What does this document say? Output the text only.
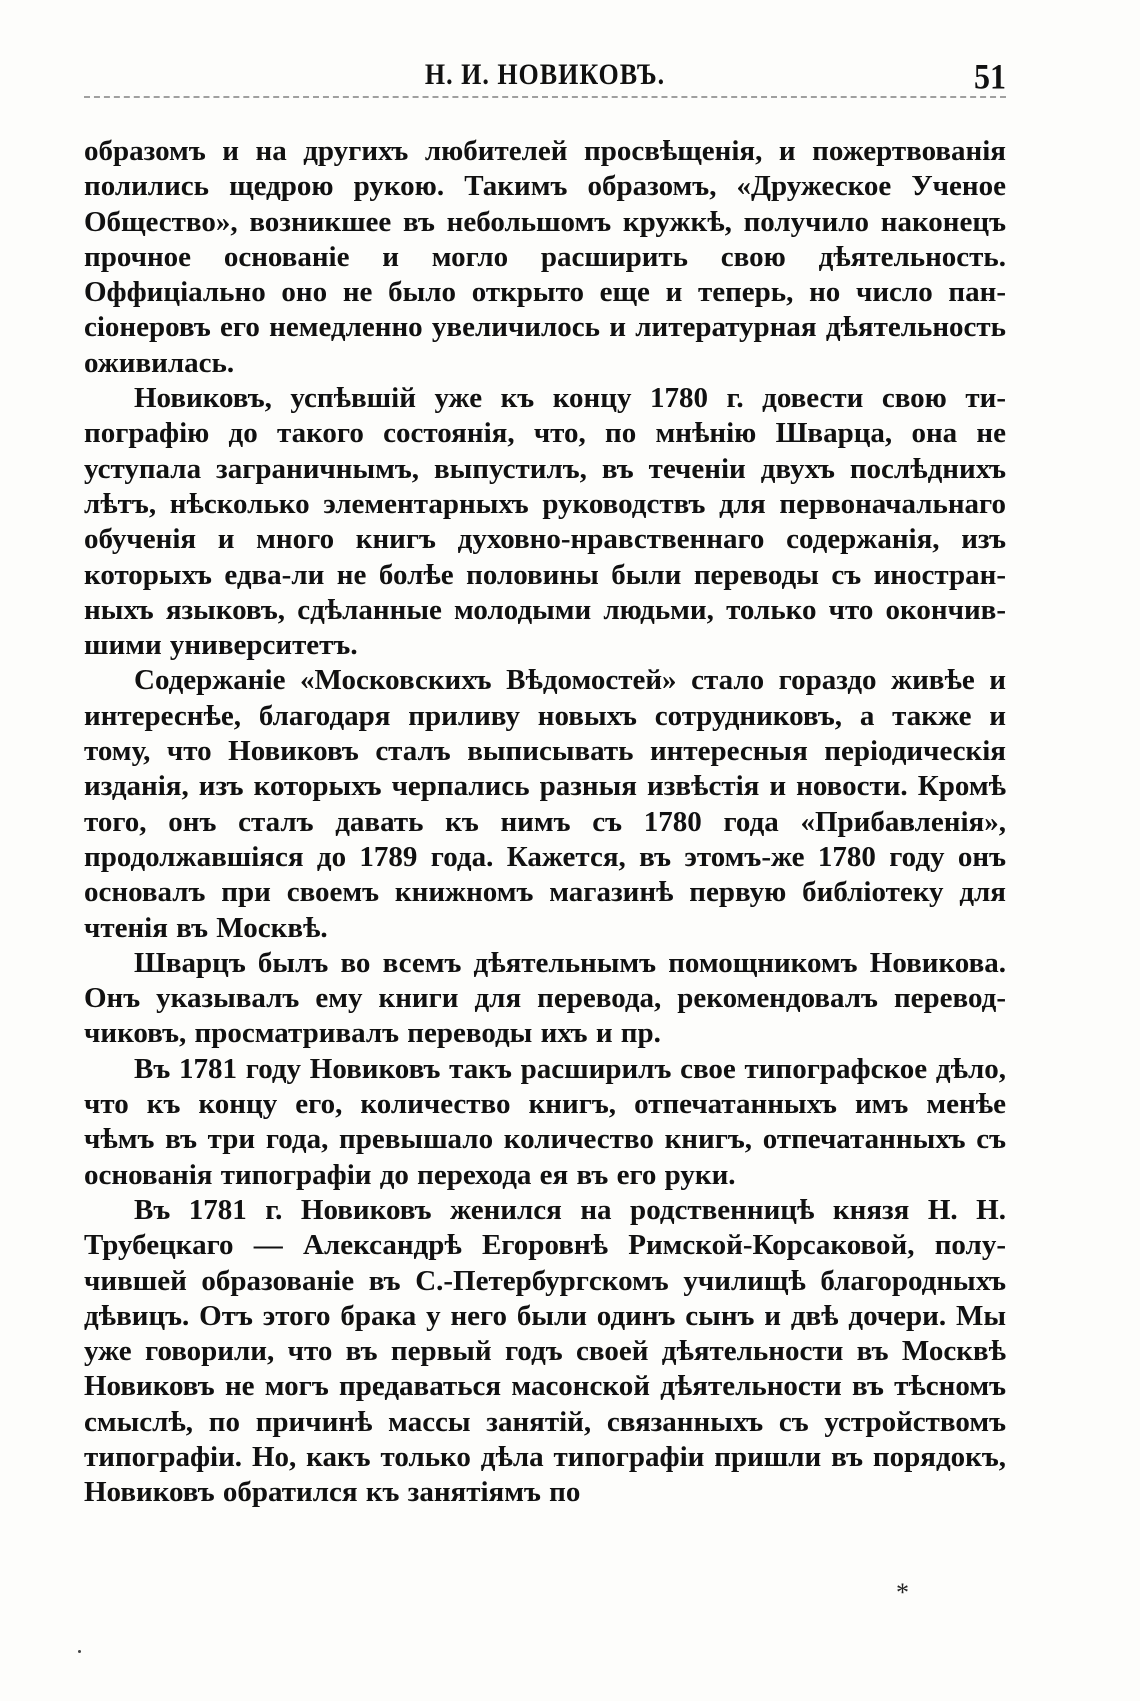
Н. И. НОВИКОВЪ.	51

образомъ и на другихъ любителей просвѣщенія, и пожертвованія полились щедрою рукою. Такимъ образомъ, «Дружеское Ученое Общество», возникшее въ небольшомъ кружкѣ, получило наконецъ прочное основаніе и могло расширить свою дѣятельность. Оффиціально оно не было открыто еще и теперь, но число пансіонеровъ его немедленно увеличилось и литературная дѣятельность оживилась.

Новиковъ, успѣвшій уже къ концу 1780 г. довести свою типографію до такого состоянія, что, по мнѣнію Шварца, она не уступала заграничнымъ, выпустилъ, въ теченіи двухъ послѣднихъ лѣтъ, нѣсколько элементарныхъ руководствъ для первоначальнаго обученія и много книгъ духовно-нравственнаго содержанія, изъ которыхъ едва-ли не болѣе половины были переводы съ иностранныхъ языковъ, сдѣланные молодыми людьми, только что окончившими университетъ.

Содержаніе «Московскихъ Вѣдомостей» стало гораздо живѣе и интереснѣе, благодаря приливу новыхъ сотрудниковъ, а также и тому, что Новиковъ сталъ выписывать интересныя періодическія изданія, изъ которыхъ черпались разныя извѣстія и новости. Кромѣ того, онъ сталъ давать къ нимъ съ 1780 года «Прибавленія», продолжавшіяся до 1789 года. Кажется, въ этомъ-же 1780 году онъ основалъ при своемъ книжномъ магазинѣ первую библіотеку для чтенія въ Москвѣ.

Шварцъ былъ во всемъ дѣятельнымъ помощникомъ Новикова. Онъ указывалъ ему книги для перевода, рекомендовалъ переводчиковъ, просматривалъ переводы ихъ и пр.

Въ 1781 году Новиковъ такъ расширилъ свое типографское дѣло, что къ концу его, количество книгъ, отпечатанныхъ имъ менѣе чѣмъ въ три года, превышало количество книгъ, отпечатанныхъ съ основанія типографіи до перехода ея въ его руки.

Въ 1781 г. Новиковъ женился на родственницѣ князя Н. Н. Трубецкаго — Александрѣ Егоровнѣ Римской-Корсаковой, получившей образованіе въ С.-Петербургскомъ училищѣ благородныхъ дѣвицъ. Отъ этого брака у него были одинъ сынъ и двѣ дочери. Мы уже говорили, что въ первый годъ своей дѣятельности въ Москвѣ Новиковъ не могъ предаваться масонской дѣятельности въ тѣсномъ смыслѣ, по причинѣ массы занятій, связанныхъ съ устройствомъ типографіи. Но, какъ только дѣла типографіи пришли въ порядокъ, Новиковъ обратился къ занятіямъ по

*
